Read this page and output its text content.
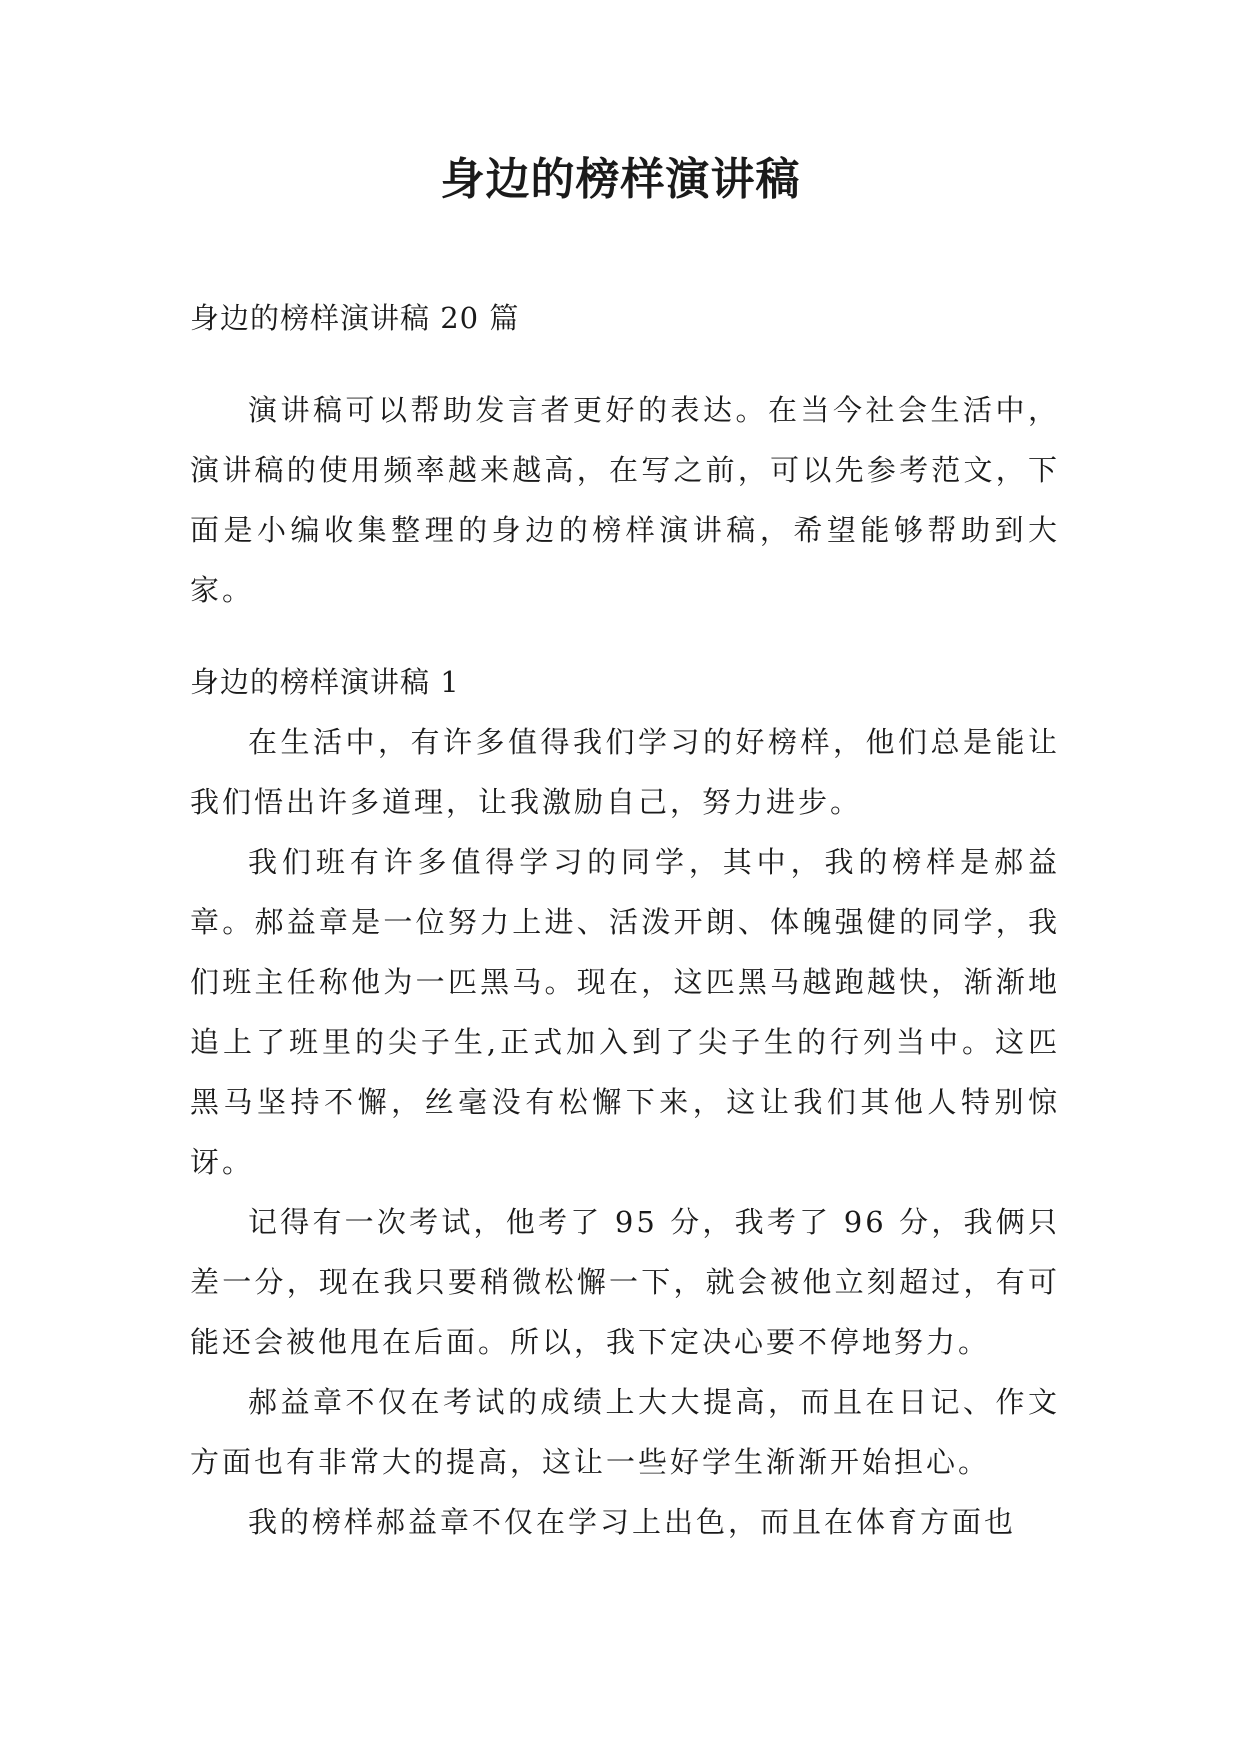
身边的榜样演讲稿

身边的榜样演讲稿 20 篇

演讲稿可以帮助发言者更好的表达。在当今社会生活中，演讲稿的使用频率越来越高，在写之前，可以先参考范文，下面是小编收集整理的身边的榜样演讲稿，希望能够帮助到大家。

身边的榜样演讲稿 1

在生活中，有许多值得我们学习的好榜样，他们总是能让我们悟出许多道理，让我激励自己，努力进步。

我们班有许多值得学习的同学，其中，我的榜样是郝益章。郝益章是一位努力上进、活泼开朗、体魄强健的同学，我们班主任称他为一匹黑马。现在，这匹黑马越跑越快，渐渐地追上了班里的尖子生,正式加入到了尖子生的行列当中。这匹黑马坚持不懈，丝毫没有松懈下来，这让我们其他人特别惊讶。

记得有一次考试，他考了 95 分，我考了 96 分，我俩只差一分，现在我只要稍微松懈一下，就会被他立刻超过，有可能还会被他甩在后面。所以，我下定决心要不停地努力。

郝益章不仅在考试的成绩上大大提高，而且在日记、作文方面也有非常大的提高，这让一些好学生渐渐开始担心。

我的榜样郝益章不仅在学习上出色，而且在体育方面也
